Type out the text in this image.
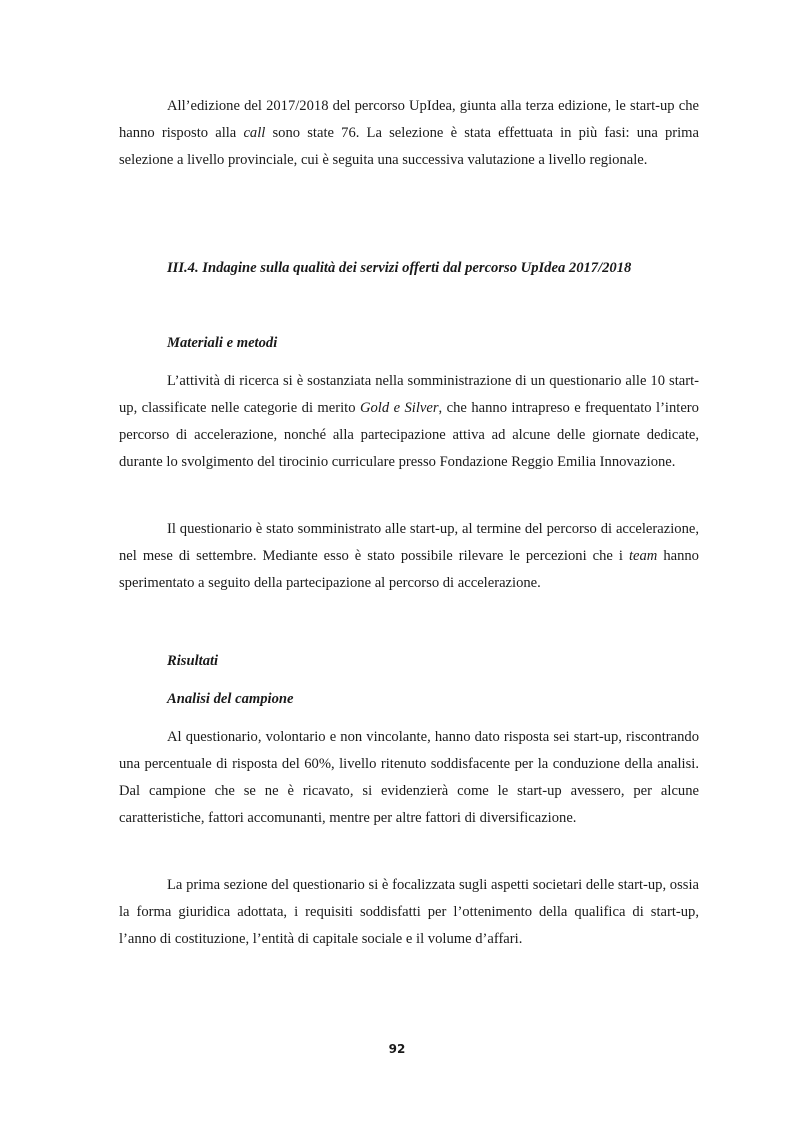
All’edizione del 2017/2018 del percorso UpIdea, giunta alla terza edizione, le start-up che hanno risposto alla call sono state 76. La selezione è stata effettuata in più fasi: una prima selezione a livello provinciale, cui è seguita una successiva valutazione a livello regionale.

III.4. Indagine sulla qualità dei servizi offerti dal percorso UpIdea 2017/2018
Materiali e metodi

L’attività di ricerca si è sostanziata nella somministrazione di un questionario alle 10 start-up, classificate nelle categorie di merito Gold e Silver, che hanno intrapreso e frequentato l’intero percorso di accelerazione, nonché alla partecipazione attiva ad alcune delle giornate dedicate, durante lo svolgimento del tirocinio curriculare presso Fondazione Reggio Emilia Innovazione.

Il questionario è stato somministrato alle start-up, al termine del percorso di accelerazione, nel mese di settembre. Mediante esso è stato possibile rilevare le percezioni che i team hanno sperimentato a seguito della partecipazione al percorso di accelerazione.

Risultati
Analisi del campione

Al questionario, volontario e non vincolante, hanno dato risposta sei start-up, riscontrando una percentuale di risposta del 60%, livello ritenuto soddisfacente per la conduzione della analisi. Dal campione che se ne è ricavato, si evidenzierà come le start-up avessero, per alcune caratteristiche, fattori accomunanti, mentre per altre fattori di diversificazione.

La prima sezione del questionario si è focalizzata sugli aspetti societari delle start-up, ossia la forma giuridica adottata, i requisiti soddisfatti per l’ottenimento della qualifica di start-up, l’anno di costituzione, l’entità di capitale sociale e il volume d’affari.

92
